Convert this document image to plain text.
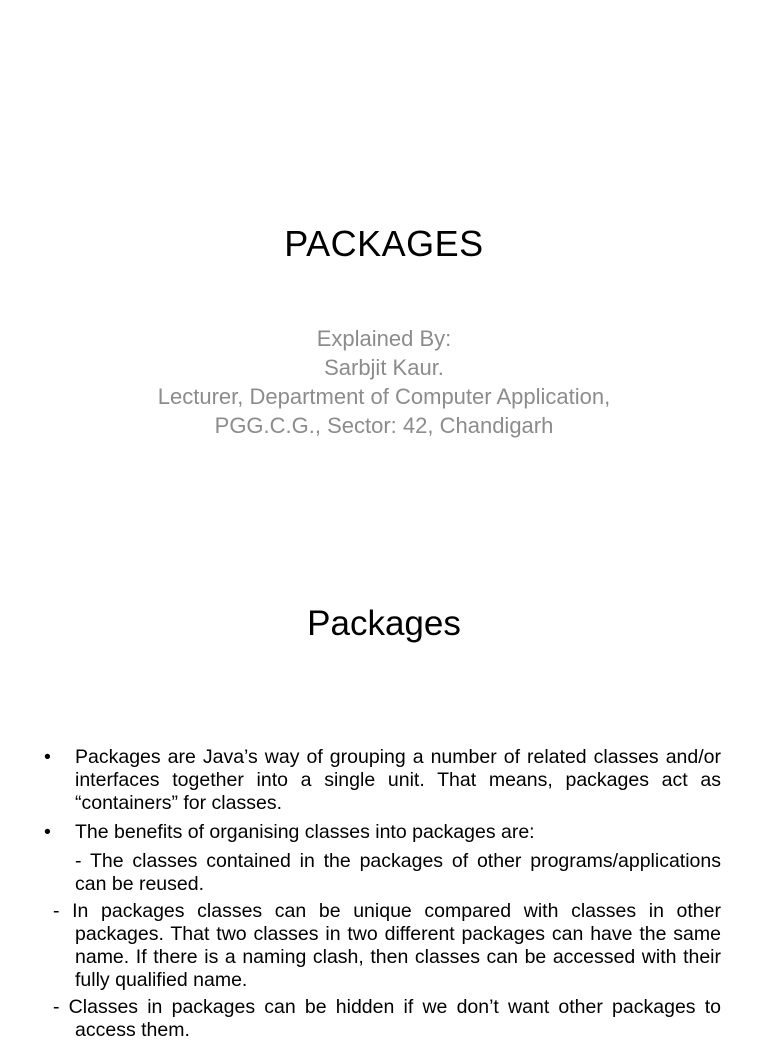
PACKAGES
Explained By:
Sarbjit Kaur.
Lecturer, Department of Computer Application,
PGG.C.G., Sector: 42, Chandigarh
Packages
•	Packages are Java’s way of grouping a number of related classes and/or interfaces together into a single unit. That means, packages act as “containers” for classes.
•	The benefits of organising classes into packages are:
- The classes contained in the packages of other programs/applications can be reused.
- In packages classes can be unique compared with classes in other packages. That two classes in two different packages can have the same name. If there is a naming clash, then classes can be accessed with their fully qualified name.
- Classes in packages can be hidden if we don’t want other packages to access them.
